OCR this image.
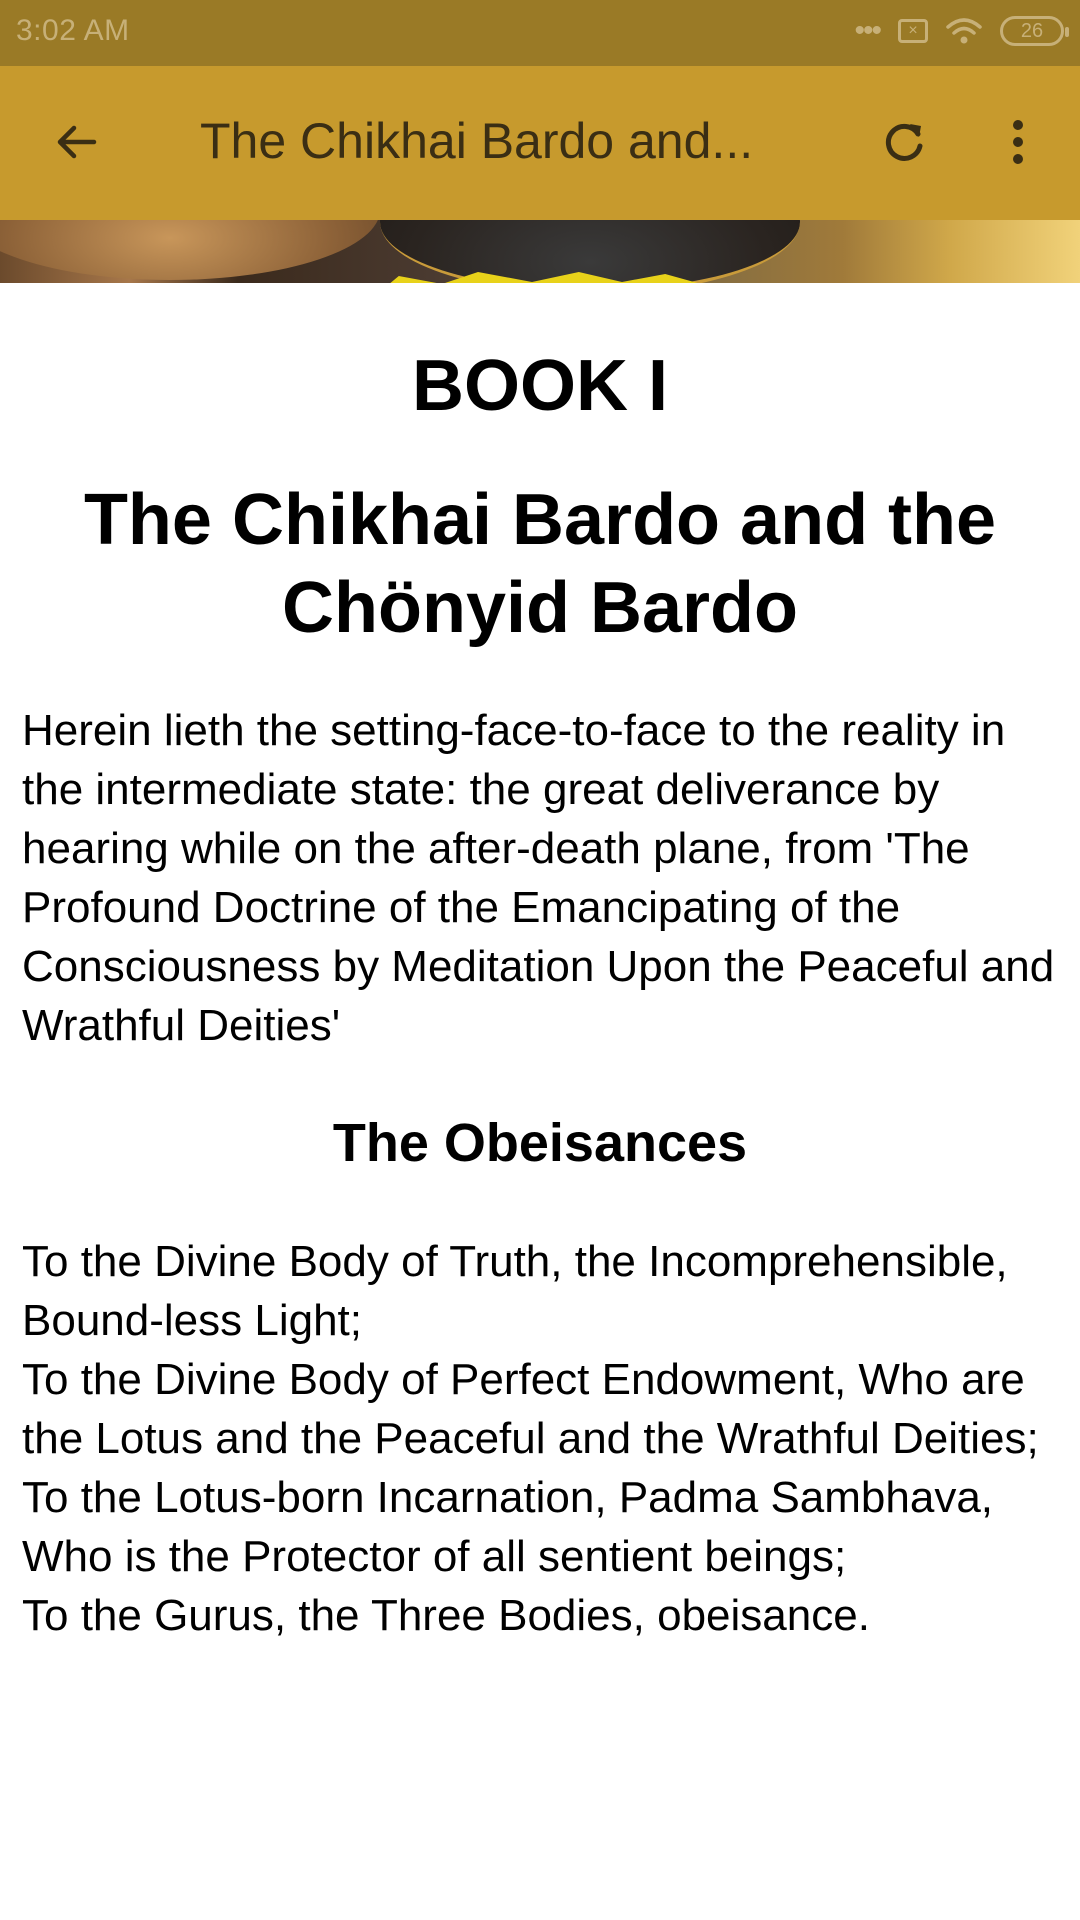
3:02 AM	•••	×	26
The Chikhai Bardo and...
BOOK I
The Chikhai Bardo and the Chönyid Bardo

Herein lieth the setting-face-to-face to the reality in the intermediate state: the great deliverance by hearing while on the after-death plane, from 'The Profound Doctrine of the Emancipating of the Consciousness by Meditation Upon the Peaceful and Wrathful Deities'

The Obeisances

To the Divine Body of Truth, the Incomprehensible, Bound-less Light;
To the Divine Body of Perfect Endowment, Who are the Lotus and the Peaceful and the Wrathful Deities;
To the Lotus-born Incarnation, Padma Sambhava, Who is the Protector of all sentient beings;
To the Gurus, the Three Bodies, obeisance.
